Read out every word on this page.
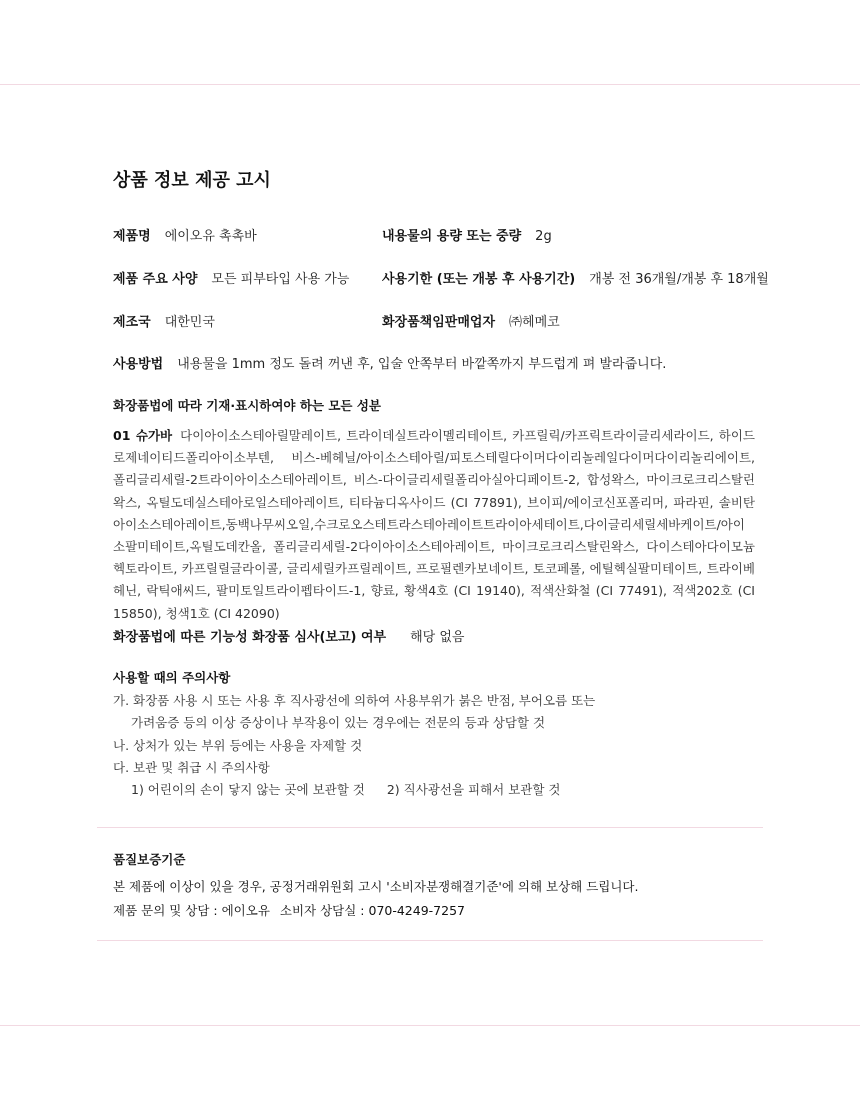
상품 정보 제공 고시
제품명 에이오유 촉촉바	내용물의 용량 또는 중량 2g
제품 주요 사양 모든 피부타입 사용 가능	사용기한 (또는 개봉 후 사용기간) 개봉 전 36개월/개봉 후 18개월
제조국 대한민국	화장품책임판매업자 ㈜헤메코
사용방법 내용물을 1mm 정도 돌려 꺼낸 후, 입술 안쪽부터 바깥쪽까지 부드럽게 펴 발라줍니다.
화장품법에 따라 기재·표시하여야 하는 모든 성분
01 슈가바 다이아이소스테아릴말레이트, 트라이데실트라이멜리테이트, 카프릴릭/카프릭트라이글리세라이드, 하이드로제네이티드폴리아이소부텐, 비스-베헤닐/아이소스테아릴/피토스테릴다이머다이리놀레일다이머다이리놀리에이트, 폴리글리세릴-2트라이아이소스테아레이트, 비스-다이글리세릴폴리아실아디페이트-2, 합성왁스, 마이크로크리스탈린왁스, 옥틸도데실스테아로일스테아레이트, 티타늄디옥사이드 (CI 77891), 브이피/에이코신포폴리머, 파라핀, 솔비탄아이소스테아레이트,동백나무씨오일,수크로오스테트라스테아레이트트라이아세테이트,다이글리세릴세바케이트/아이소팔미테이트,옥틸도데칸올, 폴리글리세릴-2다이아이소스테아레이트, 마이크로크리스탈린왁스, 다이스테아다이모늄헥토라이트, 카프릴릴글라이콜, 글리세릴카프릴레이트, 프로필렌카보네이트, 토코페롤, 에틸헥실팔미테이트, 트라이베헤닌, 락틱애씨드, 팔미토일트라이펩타이드-1, 향료, 황색4호 (CI 19140), 적색산화철 (CI 77491), 적색202호 (CI 15850), 청색1호 (CI 42090)
화장품법에 따른 기능성 화장품 심사(보고) 여부 해당 없음
사용할 때의 주의사항
가. 화장품 사용 시 또는 사용 후 직사광선에 의하여 사용부위가 붉은 반점, 부어오름 또는
가려움증 등의 이상 증상이나 부작용이 있는 경우에는 전문의 등과 상담할 것
나. 상처가 있는 부위 등에는 사용을 자제할 것
다. 보관 및 취급 시 주의사항
1) 어린이의 손이 닿지 않는 곳에 보관할 것 2) 직사광선을 피해서 보관할 것
품질보증기준
본 제품에 이상이 있을 경우, 공정거래위원회 고시 '소비자분쟁해결기준'에 의해 보상해 드립니다.
제품 문의 및 상담 : 에이오유 소비자 상담실 : 070-4249-7257
